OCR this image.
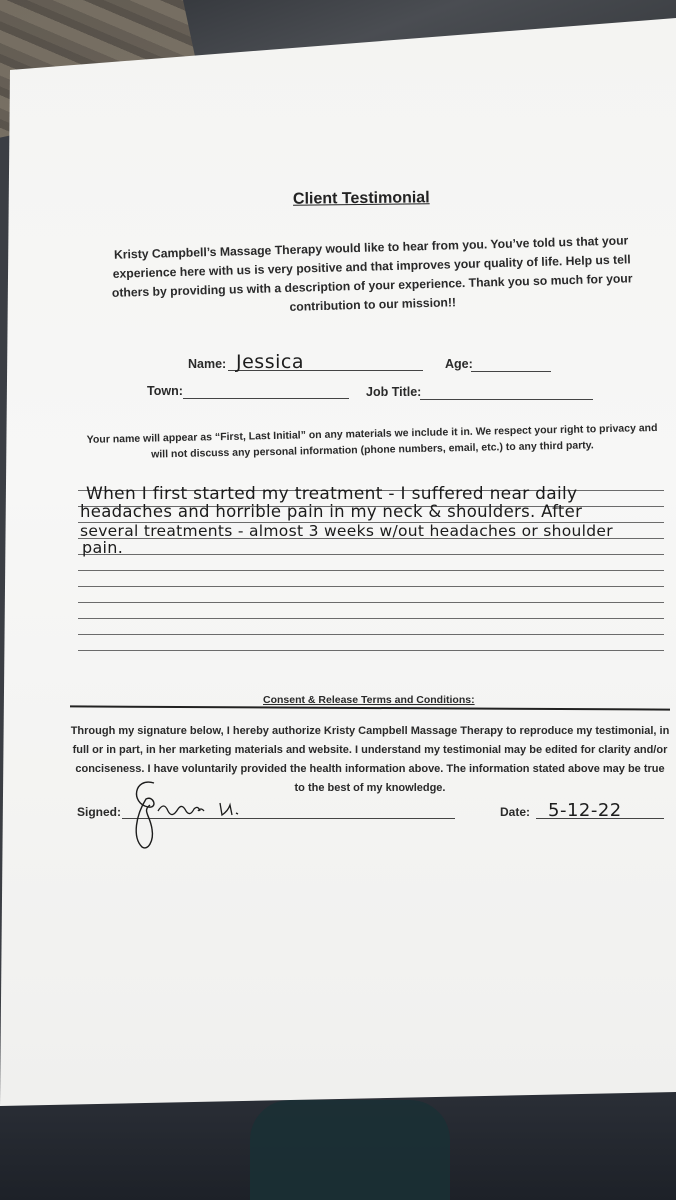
Client Testimonial
Kristy Campbell’s Massage Therapy would like to hear from you. You’ve told us that your experience here with us is very positive and that improves your quality of life. Help us tell others by providing us with a description of your experience. Thank you so much for your contribution to our mission!!
Name: Jessica	Age:
Town:	Job Title:
Your name will appear as “First, Last Initial” on any materials we include it in. We respect your right to privacy and will not discuss any personal information (phone numbers, email, etc.) to any third party.
When I first started my treatment - I suffered near daily
headaches and horrible pain in my neck & shoulders. After
several treatments - almost 3 weeks w/out headaches or shoulder
pain.
Consent & Release Terms and Conditions:
Through my signature below, I hereby authorize Kristy Campbell Massage Therapy to reproduce my testimonial, in full or in part, in her marketing materials and website. I understand my testimonial may be edited for clarity and/or conciseness. I have voluntarily provided the health information above. The information stated above may be true to the best of my knowledge.
Signed:	Date: 5-12-22
